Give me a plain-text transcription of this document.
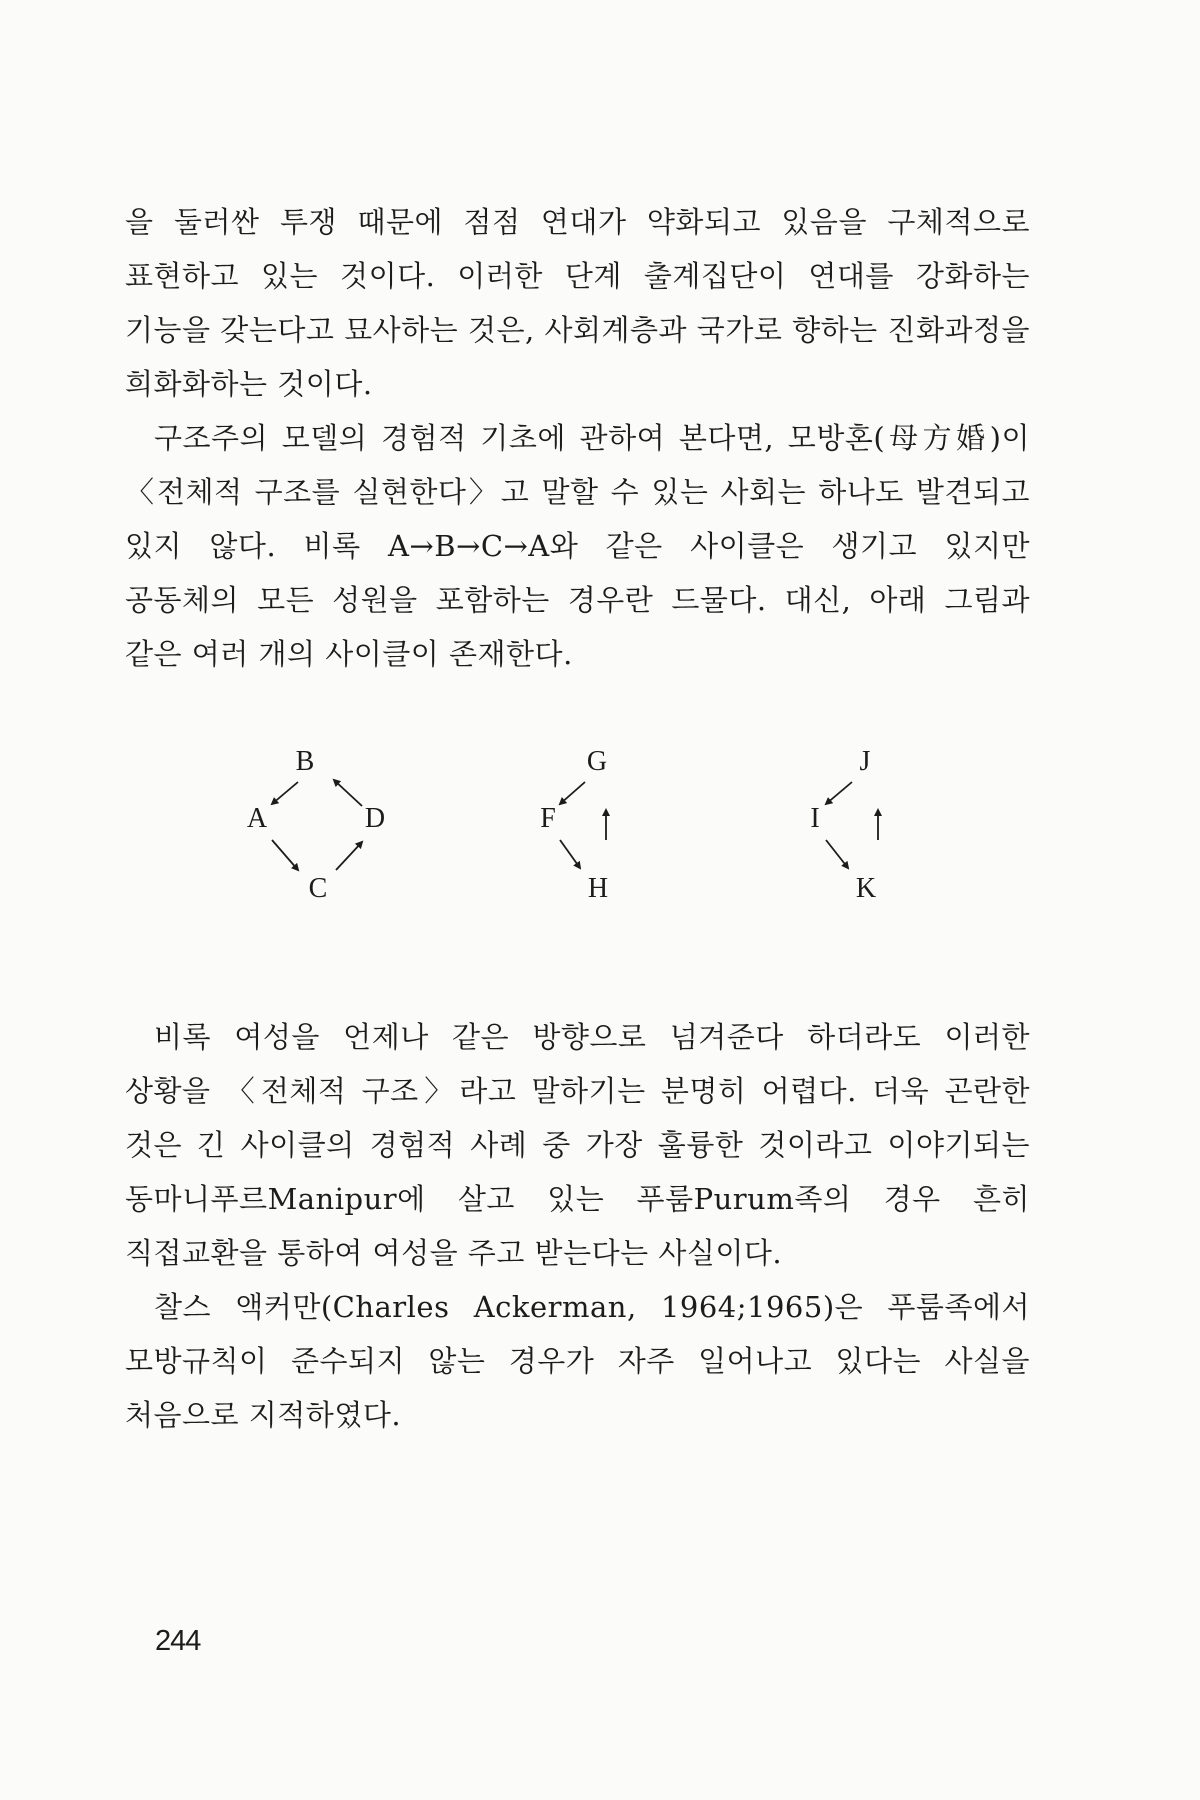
을 둘러싼 투쟁 때문에 점점 연대가 약화되고 있음을 구체적으로 표현하고 있는 것이다. 이러한 단계 출계집단이 연대를 강화하는 기능을 갖는다고 묘사하는 것은, 사회계층과 국가로 향하는 진화과정을 희화화하는 것이다.

구조주의 모델의 경험적 기초에 관하여 본다면, 모방혼(母方婚)이 〈전체적 구조를 실현한다〉고 말할 수 있는 사회는 하나도 발견되고 있지 않다. 비록 A→B→C→A와 같은 사이클은 생기고 있지만 공동체의 모든 성원을 포함하는 경우란 드물다. 대신, 아래 그림과 같은 여러 개의 사이클이 존재한다.

B
A	D
C
G
F
H
J
I
K

비록 여성을 언제나 같은 방향으로 넘겨준다 하더라도 이러한 상황을 〈전체적 구조〉라고 말하기는 분명히 어렵다. 더욱 곤란한 것은 긴 사이클의 경험적 사례 중 가장 훌륭한 것이라고 이야기되는 동마니푸르Manipur에 살고 있는 푸룸Purum족의 경우 흔히 직접교환을 통하여 여성을 주고 받는다는 사실이다.

찰스 액커만(Charles Ackerman, 1964;1965)은 푸룸족에서 모방규칙이 준수되지 않는 경우가 자주 일어나고 있다는 사실을 처음으로 지적하였다.

244
